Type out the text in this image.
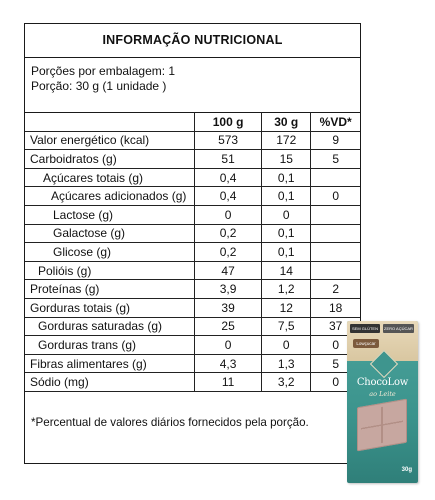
INFORMAÇÃO NUTRICIONAL
Porções por embalagem: 1
Porção: 30 g (1 unidade )
	100 g	30 g	%VD*
Valor energético (kcal)	573	172	9
Carboidratos (g)	51	15	5
Açúcares totais (g)	0,4	0,1	
Açúcares adicionados (g)	0,4	0,1	0
Lactose (g)	0	0	
Galactose (g)	0,2	0,1	
Glicose (g)	0,2	0,1	
Polióis (g)	47	14	
Proteínas (g)	3,9	1,2	2
Gorduras totais (g)	39	12	18
Gorduras saturadas (g)	25	7,5	37
Gorduras trans (g)	0	0	0
Fibras alimentares (g)	4,3	1,3	5
Sódio (mg)	11	3,2	0
*Percentual de valores diários fornecidos pela porção.
SEM GLÚTEN	ZERO AÇÚCAR
Lowçucar
ChocoLow
ao Leite
30g
